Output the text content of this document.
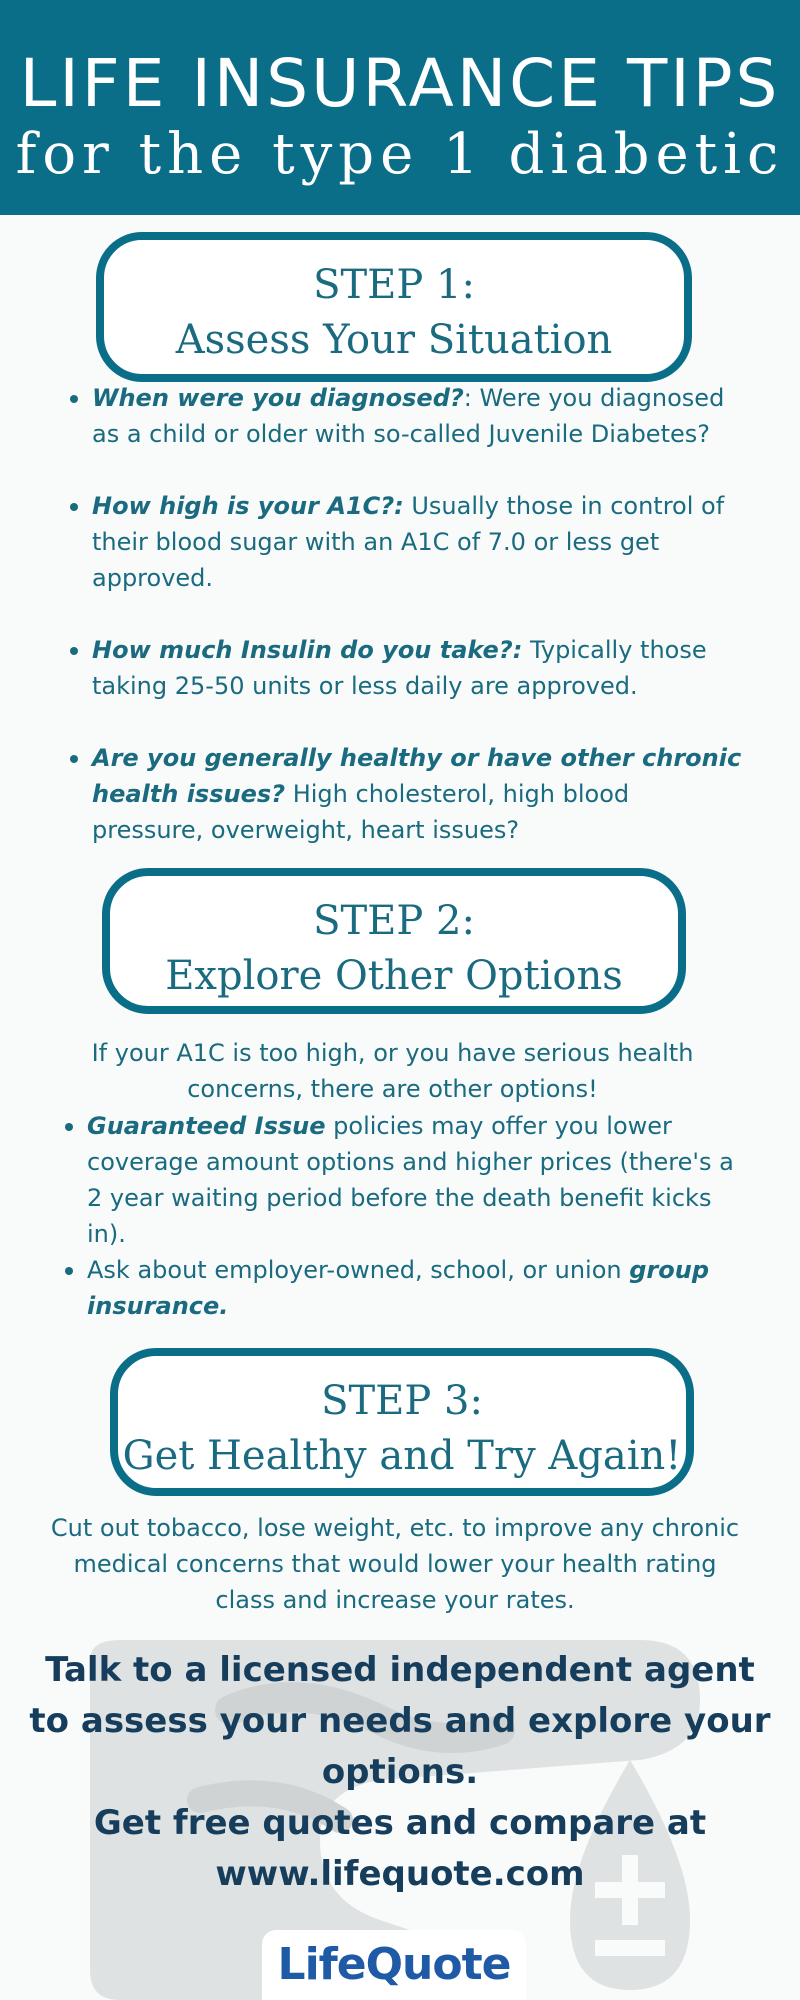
LIFE INSURANCE TIPS
for the type 1 diabetic
STEP 1:
Assess Your Situation
When were you diagnosed?: Were you diagnosed as a child or older with so-called Juvenile Diabetes?
How high is your A1C?: Usually those in control of their blood sugar with an A1C of 7.0 or less get approved.
How much Insulin do you take?: Typically those taking 25-50 units or less daily are approved.
Are you generally healthy or have other chronic health issues? High cholesterol, high blood pressure, overweight, heart issues?
STEP 2:
Explore Other Options
If your A1C is too high, or you have serious health concerns, there are other options!
Guaranteed Issue policies may offer you lower coverage amount options and higher prices (there's a 2 year waiting period before the death benefit kicks in).
Ask about employer-owned, school, or union group insurance.
STEP 3:
Get Healthy and Try Again!
Cut out tobacco, lose weight, etc. to improve any chronic medical concerns that would lower your health rating class and increase your rates.
Talk to a licensed independent agent to assess your needs and explore your options.
Get free quotes and compare at www.lifequote.com
LifeQuote
